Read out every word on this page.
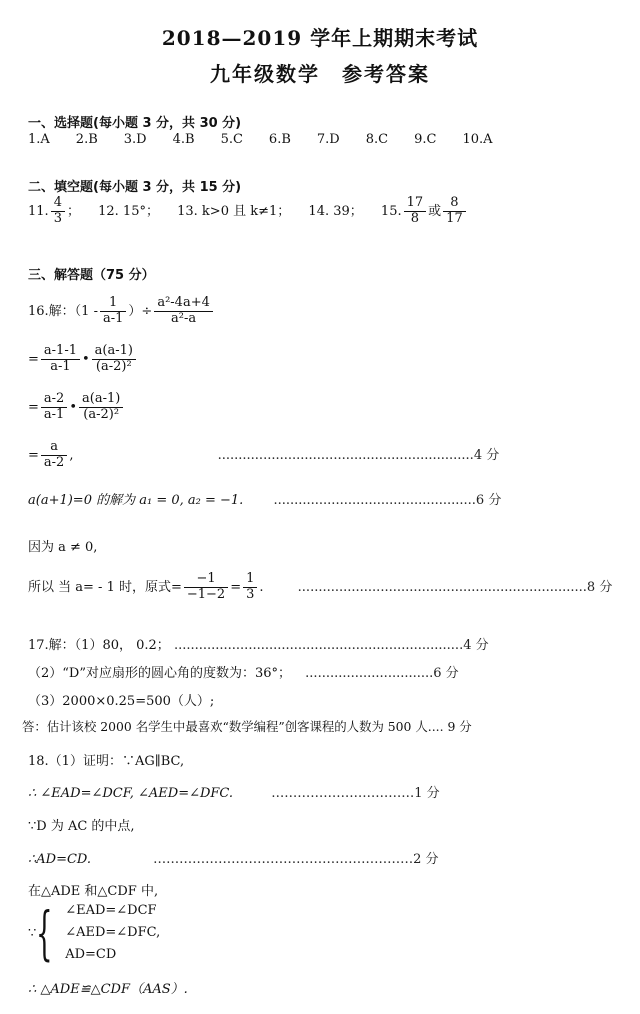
2018—2019 学年上期期末考试
九年级数学　参考答案
一、选择题(每小题 3 分，共 30 分)
1.A 2.B 3.D 4.B 5.C 6.B 7.D 8.C 9.C 10.A
二、填空题(每小题 3 分，共 15 分)
11. $\frac{4}{3}$ ； 12. 15°； 13. k>0 且 k≠1； 14. 39； 15. $\frac{17}{8}$ 或 $\frac{8}{17}$
三、解答题（75 分）
16.解：（$1 - \frac{1}{a-1}$ ）÷ $\frac{\text{a²-4a+4}}{\text{a²-a}}$
= $\frac{a-1-1}{a-1}$ • $\frac{a(a-1)}{\text{(a-2)²}}$
= $\frac{a-2}{a-1}$ • $\frac{a(a-1)}{\text{(a-2)²}}$
= $\frac{a}{a-2}$ ,	..............................................................4 分
a(a+1)=0 的解为 a₁ = 0, a₂ = −1. .................................................6 分
因为 a ≠ 0,
所以 当 a= - 1 时，原式= $\frac{-1}{-1-2} = \frac{1}{3}$ .	......................................................................8 分
17.解：（1）80， 0.2； ......................................................................4 分
（2）“D”对应扇形的圆心角的度数为：36°； ...............................6 分
（3）2000×0.25=500（人）;
答：估计该校 2000 名学生中最喜欢“数学编程”创客课程的人数为 500 人.... 9 分
18.（1）证明：∵AG∥BC,
∴ ∠EAD=∠DCF, ∠AED=∠DFC.	……………………………1 分
∵D 为 AC 的中点,
∴AD=CD.	……………………………………………………2 分
在△ADE 和△CDF 中,
∵{ ∠EAD=∠DCF
∠AED=∠DFC,
AD=CD
∴ △ADE≌△CDF（AAS）.
